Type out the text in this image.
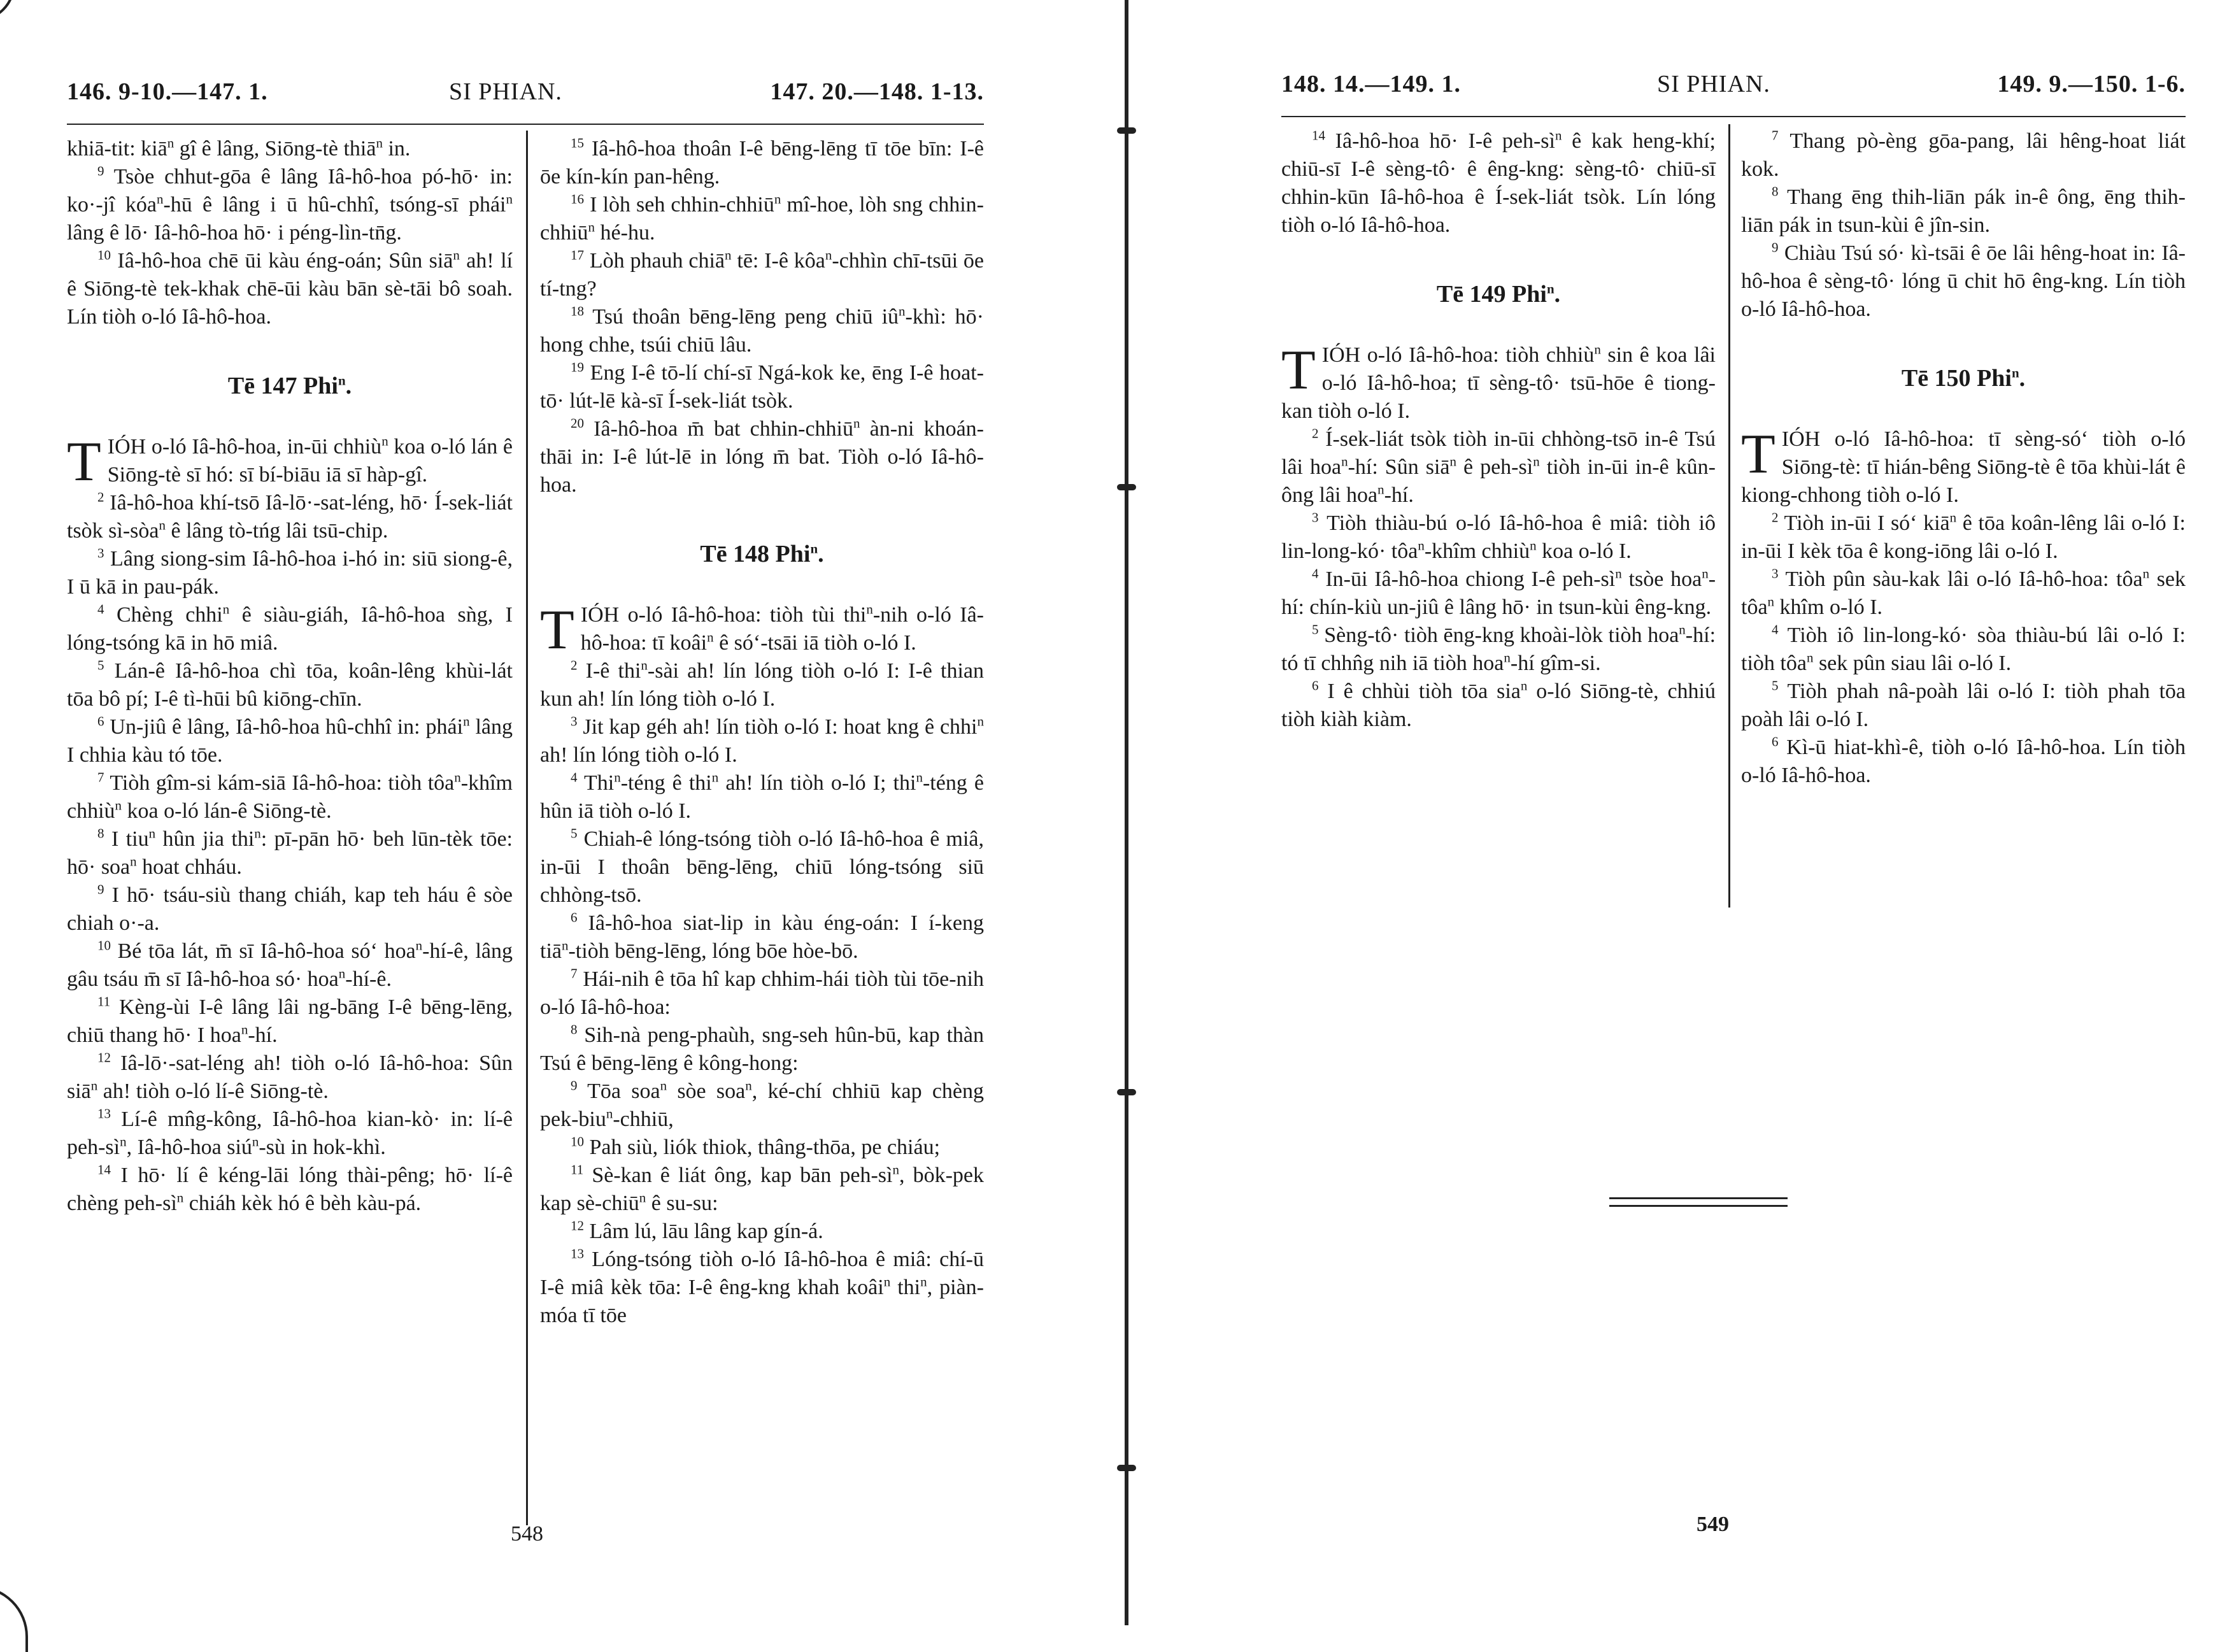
146. 9-10.—147. 1.	SI PHIAN.	147. 20.—148. 1-13.

khiā-tit: kiā$^n$ gî ê lâng, Siōng-tè thiā$^n$ in.

$^9$ Tsòe chhut-gōa ê lâng Iâ-hô-hoa pó-hō· in: ko·-jî kóa$^n$-hū ê lâng i ū hû-chhî, tsóng-sī phái$^n$ lâng ê lō· Iâ-hô-hoa hō· i péng-lìn-tn̄g.

$^{10}$ Iâ-hô-hoa chē ūi kàu éng-oán; Sûn siā$^n$ ah! lí ê Siōng-tè tek-khak chē-ūi kàu bān sè-tāi bô soah. Lín tiòh o-ló Iâ-hô-hoa.

Tē 147 Phi$^n$.

TIÓH o-ló Iâ-hô-hoa, in-ūi chhiù$^n$ koa o-ló lán ê Siōng-tè sī hó: sī bí-biāu iā sī hàp-gî.

$^2$ Iâ-hô-hoa khí-tsō Iâ-lō·-sat-léng, hō· Í-sek-liát tsòk sì-sòa$^n$ ê lâng tò-tńg lâi tsū-chip.

$^3$ Lâng siong-sim Iâ-hô-hoa i-hó in: siū siong-ê, I ū kā in pau-pák.

$^4$ Chèng chhi$^n$ ê siàu-giáh, Iâ-hô-hoa sǹg, I lóng-tsóng kā in hō miâ.

$^5$ Lán-ê Iâ-hô-hoa chì tōa, koân-lêng khùi-lát tōa bô pí; I-ê tì-hūi bû kiōng-chīn.

$^6$ Un-jiû ê lâng, Iâ-hô-hoa hû-chhî in: phái$^n$ lâng I chhia kàu tó tōe.

$^7$ Tiòh gîm-si kám-siā Iâ-hô-hoa: tiòh tôa$^n$-khîm chhiù$^n$ koa o-ló lán-ê Siōng-tè.

$^8$ I tiu$^n$ hûn jia thi$^n$: pī-pān hō· beh lūn-tèk tōe: hō· soa$^n$ hoat chháu.

$^9$ I hō· tsáu-siù thang chiáh, kap teh háu ê sòe chiah o·-a.

$^{10}$ Bé tōa lát, m̄ sī Iâ-hô-hoa sóʻ hoa$^n$-hí-ê, lâng gâu tsáu m̄ sī Iâ-hô-hoa só· hoa$^n$-hí-ê.

$^{11}$ Kèng-ùi I-ê lâng lâi ng-bāng I-ê bēng-lēng, chiū thang hō· I hoa$^n$-hí.

$^{12}$ Iâ-lō·-sat-léng ah! tiòh o-ló Iâ-hô-hoa: Sûn siā$^n$ ah! tiòh o-ló lí-ê Siōng-tè.

$^{13}$ Lí-ê mn̂g-kông, Iâ-hô-hoa kian-kò· in: lí-ê peh-$sì^n$, Iâ-hô-hoa siú$^n$-sù in hok-khì.

$^{14}$ I hō· lí ê kéng-lāi lóng thài-pêng; hō· lí-ê chèng peh-$sì^n$ chiáh kèk hó ê bèh kàu-pá.

$^{15}$ Iâ-hô-hoa thoân I-ê bēng-lēng tī tōe bīn: I-ê ōe kín-kín pan-hêng.

$^{16}$ I lòh seh chhin-chhiū$^n$ mî-hoe, lòh sng chhin-chhiū$^n$ hé-hu.

$^{17}$ Lòh phauh chiā$^n$ tē: I-ê kôa$^n$-chhìn chī-tsūi ōe tí-tng?

$^{18}$ Tsú thoân bēng-lēng peng chiū $iû^n$-khì: hō· hong chhe, tsúi chiū lâu.

$^{19}$ Eng I-ê tō-lí chí-sī Ngá-kok ke, ēng I-ê hoat-tō· lút-lē kà-sī Í-sek-liát tsòk.

$^{20}$ Iâ-hô-hoa m̄ bat chhin-chhiū$^n$ àn-ni khoán-thāi in: I-ê lút-lē in lóng m̄ bat. Tiòh o-ló Iâ-hô-hoa.

Tē 148 Phi$^n$.

TIÓH o-ló Iâ-hô-hoa: tiòh tùi thi$^n$-nih o-ló Iâ-hô-hoa: tī koâi$^n$ ê sóʻ-tsāi iā tiòh o-ló I.

$^2$ I-ê thi$^n$-sài ah! lín lóng tiòh o-ló I: I-ê thian kun ah! lín lóng tiòh o-ló I.

$^3$ Jit kap géh ah! lín tiòh o-ló I: hoat kng ê chhi$^n$ ah! lín lóng tiòh o-ló I.

$^4$ Thi$^n$-téng ê thi$^n$ ah! lín tiòh o-ló I; thi$^n$-téng ê hûn iā tiòh o-ló I.

$^5$ Chiah-ê lóng-tsóng tiòh o-ló Iâ-hô-hoa ê miâ, in-ūi I thoân bēng-lēng, chiū lóng-tsóng siū chhòng-tsō.

$^6$ Iâ-hô-hoa siat-lip in kàu éng-oán: I í-keng tiā$^n$-tiòh bēng-lēng, lóng bōe hòe-bō.

$^7$ Hái-nih ê tōa hî kap chhim-hái tiòh tùi tōe-nih o-ló Iâ-hô-hoa:

$^8$ Sih-nà peng-phaùh, sng-seh hûn-bū, kap thàn Tsú ê bēng-lēng ê kông-hong:

$^9$ Tōa soa$^n$ sòe soa$^n$, ké-chí chhiū kap chèng pek-biu$^n$-chhiū,

$^{10}$ Pah siù, liók thiok, thâng-thōa, pe chiáu;

$^{11}$ Sè-kan ê liát ông, kap bān peh-$sì^n$, bòk-pek kap sè-chiū$^n$ ê su-su:

$^{12}$ Lâm lú, lāu lâng kap gín-á.

$^{13}$ Lóng-tsóng tiòh o-ló Iâ-hô-hoa ê miâ: chí-ū I-ê miâ kèk tōa: I-ê êng-kng khah koâi$^n$ thi$^n$, piàn-móa tī tōe

548
148. 14.—149. 1.	SI PHIAN.	149. 9.—150. 1-6.

$^{14}$ Iâ-hô-hoa hō· I-ê peh-$sì^n$ ê kak heng-khí; chiū-sī I-ê sèng-tô· ê êng-kng: sèng-tô· chiū-sī chhin-kūn Iâ-hô-hoa ê Í-sek-liát tsòk. Lín lóng tiòh o-ló Iâ-hô-hoa.

Tē 149 Phi$^n$.

TIÓH o-ló Iâ-hô-hoa: tiòh chhiù$^n$ sin ê koa lâi o-ló Iâ-hô-hoa; tī sèng-tô· tsū-hōe ê tiong-kan tiòh o-ló I.

$^2$ Í-sek-liát tsòk tiòh in-ūi chhòng-tsō in-ê Tsú lâi hoa$^n$-hí: Sûn siā$^n$ ê peh-$sì^n$ tiòh in-ūi in-ê kûn-ông lâi hoa$^n$-hí.

$^3$ Tiòh thiàu-bú o-ló Iâ-hô-hoa ê miâ: tiòh iô lin-long-kó· tôa$^n$-khîm chhiù$^n$ koa o-ló I.

$^4$ In-ūi Iâ-hô-hoa chiong I-ê peh-$sì^n$ tsòe hoa$^n$-hí: chín-kiù un-jiû ê lâng hō· in tsun-kùi êng-kng.

$^5$ Sèng-tô· tiòh ēng-kng khoài-lòk tiòh hoa$^n$-hí: tó tī chhn̂g nih iā tiòh hoa$^n$-hí gîm-si.

$^6$ I ê chhùi tiòh tōa sia$^n$ o-ló Siōng-tè, chhiú tiòh kiàh kiàm.

$^7$ Thang pò-èng gōa-pang, lâi hêng-hoat liát kok.

$^8$ Thang ēng thih-liān pák in-ê ông, ēng thih-liān pák in tsun-kùi ê jîn-sin.

$^9$ Chiàu Tsú só· kì-tsāi ê ōe lâi hêng-hoat in: Iâ-hô-hoa ê sèng-tô· lóng ū chit hō êng-kng. Lín tiòh o-ló Iâ-hô-hoa.

Tē 150 Phi$^n$.

TIÓH o-ló Iâ-hô-hoa: tī sèng-sóʻ tiòh o-ló Siōng-tè: tī hián-bêng Siōng-tè ê tōa khùi-lát ê kiong-chhong tiòh o-ló I.

$^2$ Tiòh in-ūi I sóʻ kiā$^n$ ê tōa koân-lêng lâi o-ló I: in-ūi I kèk tōa ê kong-iōng lâi o-ló I.

$^3$ Tiòh pûn sàu-kak lâi o-ló Iâ-hô-hoa: tôa$^n$ sek tôa$^n$ khîm o-ló I.

$^4$ Tiòh iô lin-long-kó· sòa thiàu-bú lâi o-ló I: tiòh tôa$^n$ sek pûn siau lâi o-ló I.

$^5$ Tiòh phah nâ-poàh lâi o-ló I: tiòh phah tōa poàh lâi o-ló I.

$^6$ Kì-ū hiat-khì-ê, tiòh o-ló Iâ-hô-hoa. Lín tiòh o-ló Iâ-hô-hoa.

549
